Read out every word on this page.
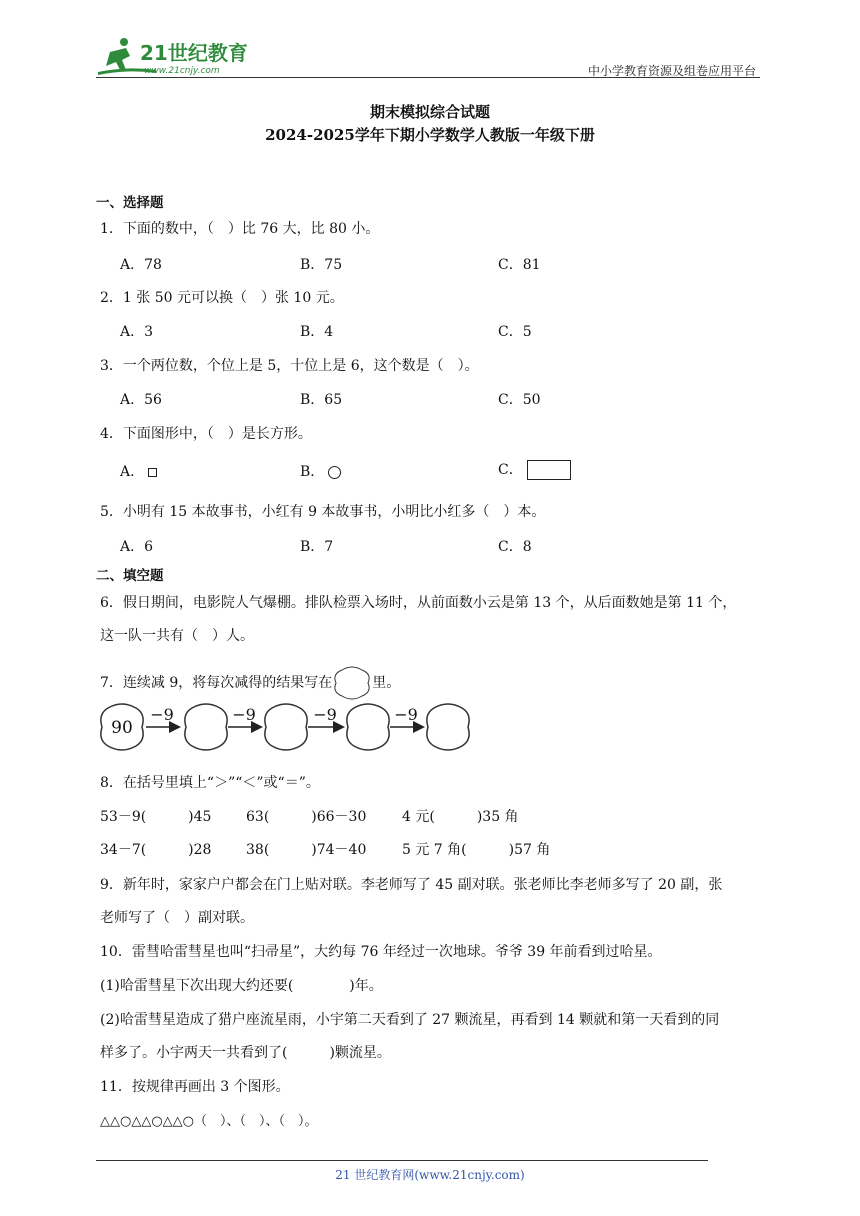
21世纪教育
www.21cnjy.com	中小学教育资源及组卷应用平台
期末模拟综合试题
2024-2025学年下期小学数学人教版一年级下册
一、选择题
1．下面的数中，（　）比 76 大，比 80 小。
A．78	B．75	C．81
2．1 张 50 元可以换（　）张 10 元。
A．3	B．4	C．5
3．一个两位数，个位上是 5，十位上是 6，这个数是（　）。
A．56	B．65	C．50
4．下面图形中，（　）是长方形。
A．	B．	C．
5．小明有 15 本故事书，小红有 9 本故事书，小明比小红多（　）本。
A．6	B．7	C．8
二、填空题
6．假日期间，电影院人气爆棚。排队检票入场时，从前面数小云是第 13 个，从后面数她是第 11 个，
这一队一共有（　）人。
7．连续减 9，将每次减得的结果写在	里。
90
−9	−9	−9	−9
8．在括号里填上“＞”“＜”或“＝”。
53－9(　　　)45 63(　　　)66－30	4 元(　　　)35 角
34－7(　　　)28 38(　　　)74－40	5 元 7 角(　　　)57 角
9．新年时，家家户户都会在门上贴对联。李老师写了 45 副对联。张老师比李老师多写了 20 副，张
老师写了（　）副对联。
10．雷彗哈雷彗星也叫“扫帚星”，大约每 76 年经过一次地球。爷爷 39 年前看到过哈星。
(1)哈雷彗星下次出现大约还要(　　　　)年。
(2)哈雷彗星造成了猎户座流星雨，小宇第二天看到了 27 颗流星，再看到 14 颗就和第一天看到的同
样多了。小宇两天一共看到了(　　　)颗流星。
11．按规律再画出 3 个图形。
△△○△△○△△○（　）、（　）、（　）。
21 世纪教育网(www.21cnjy.com)
